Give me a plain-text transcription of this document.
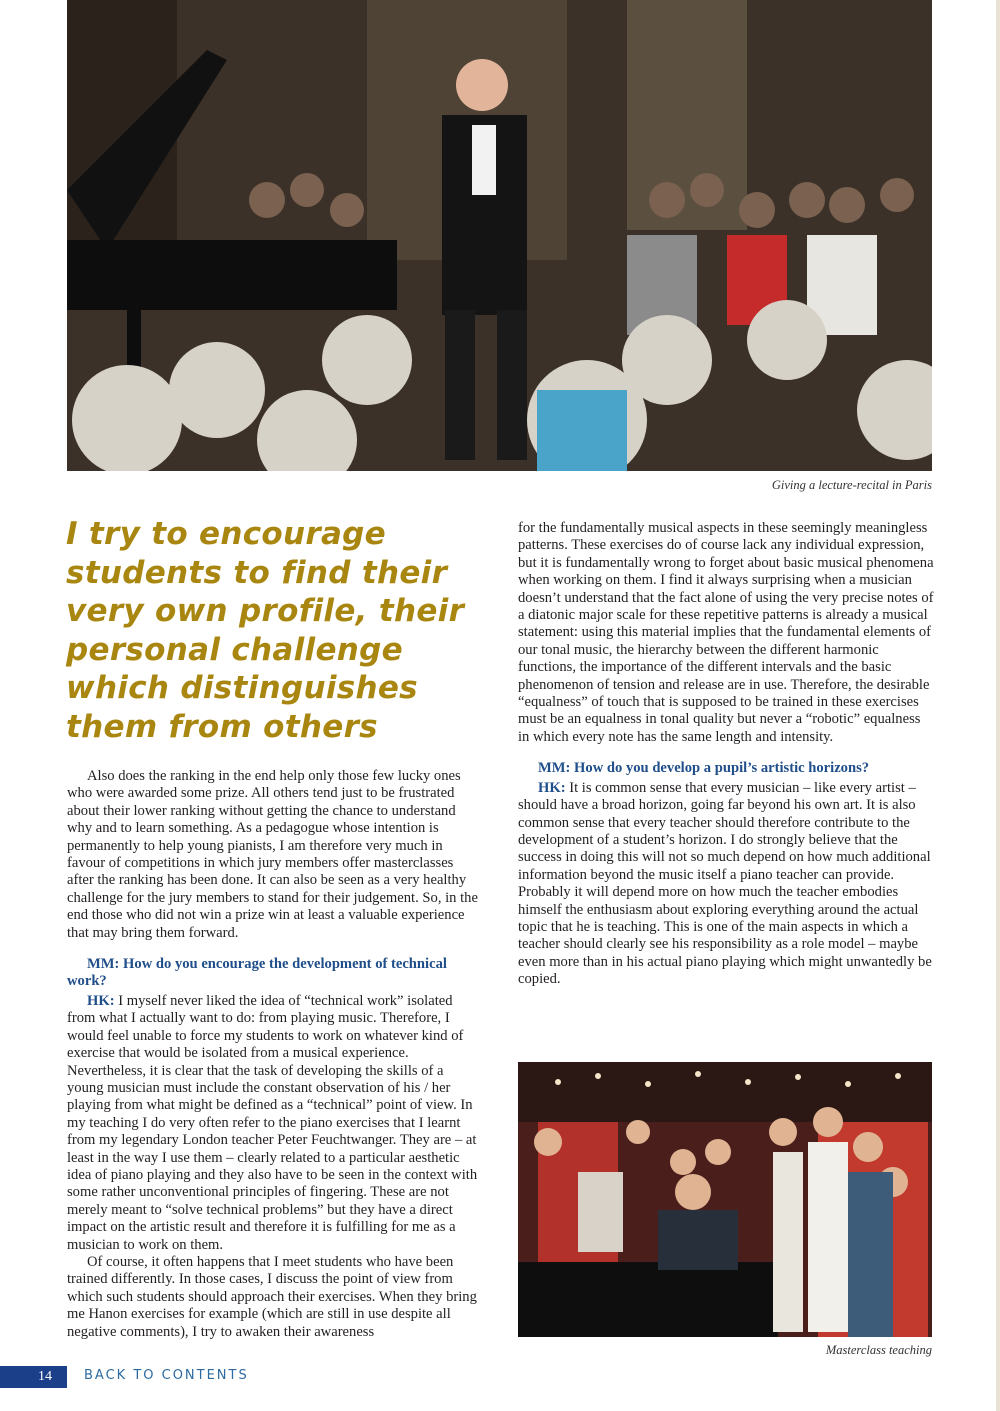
Giving a lecture-recital in Paris
I try to encourage students to find their very own profile, their personal challenge which distinguishes them from others

Also does the ranking in the end help only those few lucky ones who were awarded some prize. All others tend just to be frustrated about their lower ranking without getting the chance to understand why and to learn something. As a pedagogue whose intention is permanently to help young pianists, I am therefore very much in favour of competitions in which jury members offer masterclasses after the ranking has been done. It can also be seen as a very healthy challenge for the jury members to stand for their judgement. So, in the end those who did not win a prize win at least a valuable experience that may bring them forward.

MM: How do you encourage the development of technical work?

HK: I myself never liked the idea of “technical work” isolated from what I actually want to do: from playing music. Therefore, I would feel unable to force my students to work on whatever kind of exercise that would be isolated from a musical experience. Nevertheless, it is clear that the task of developing the skills of a young musician must include the constant observation of his / her playing from what might be defined as a “technical” point of view. In my teaching I do very often refer to the piano exercises that I learnt from my legendary London teacher Peter Feuchtwanger. They are – at least in the way I use them – clearly related to a particular aesthetic idea of piano playing and they also have to be seen in the context with some rather unconventional principles of fingering. These are not merely meant to “solve technical problems” but they have a direct impact on the artistic result and therefore it is fulfilling for me as a musician to work on them.

Of course, it often happens that I meet students who have been trained differently. In those cases, I discuss the point of view from which such students should approach their exercises. When they bring me Hanon exercises for example (which are still in use despite all negative comments), I try to awaken their awareness

for the fundamentally musical aspects in these seemingly meaningless patterns. These exercises do of course lack any individual expression, but it is fundamentally wrong to forget about basic musical phenomena when working on them. I find it always surprising when a musician doesn’t understand that the fact alone of using the very precise notes of a diatonic major scale for these repetitive patterns is already a musical statement: using this material implies that the fundamental elements of our tonal music, the hierarchy between the different harmonic functions, the importance of the different intervals and the basic phenomenon of tension and release are in use. Therefore, the desirable “equalness” of touch that is supposed to be trained in these exercises must be an equalness in tonal quality but never a “robotic” equalness in which every note has the same length and intensity.

MM: How do you develop a pupil’s artistic horizons?

HK: It is common sense that every musician – like every artist – should have a broad horizon, going far beyond his own art. It is also common sense that every teacher should therefore contribute to the development of a student’s horizon. I do strongly believe that the success in doing this will not so much depend on how much additional information beyond the music itself a piano teacher can provide. Probably it will depend more on how much the teacher embodies himself the enthusiasm about exploring everything around the actual topic that he is teaching. This is one of the main aspects in which a teacher should clearly see his responsibility as a role model – maybe even more than in his actual piano playing which might unwantedly be copied.

Masterclass teaching
14 BACK TO CONTENTS
